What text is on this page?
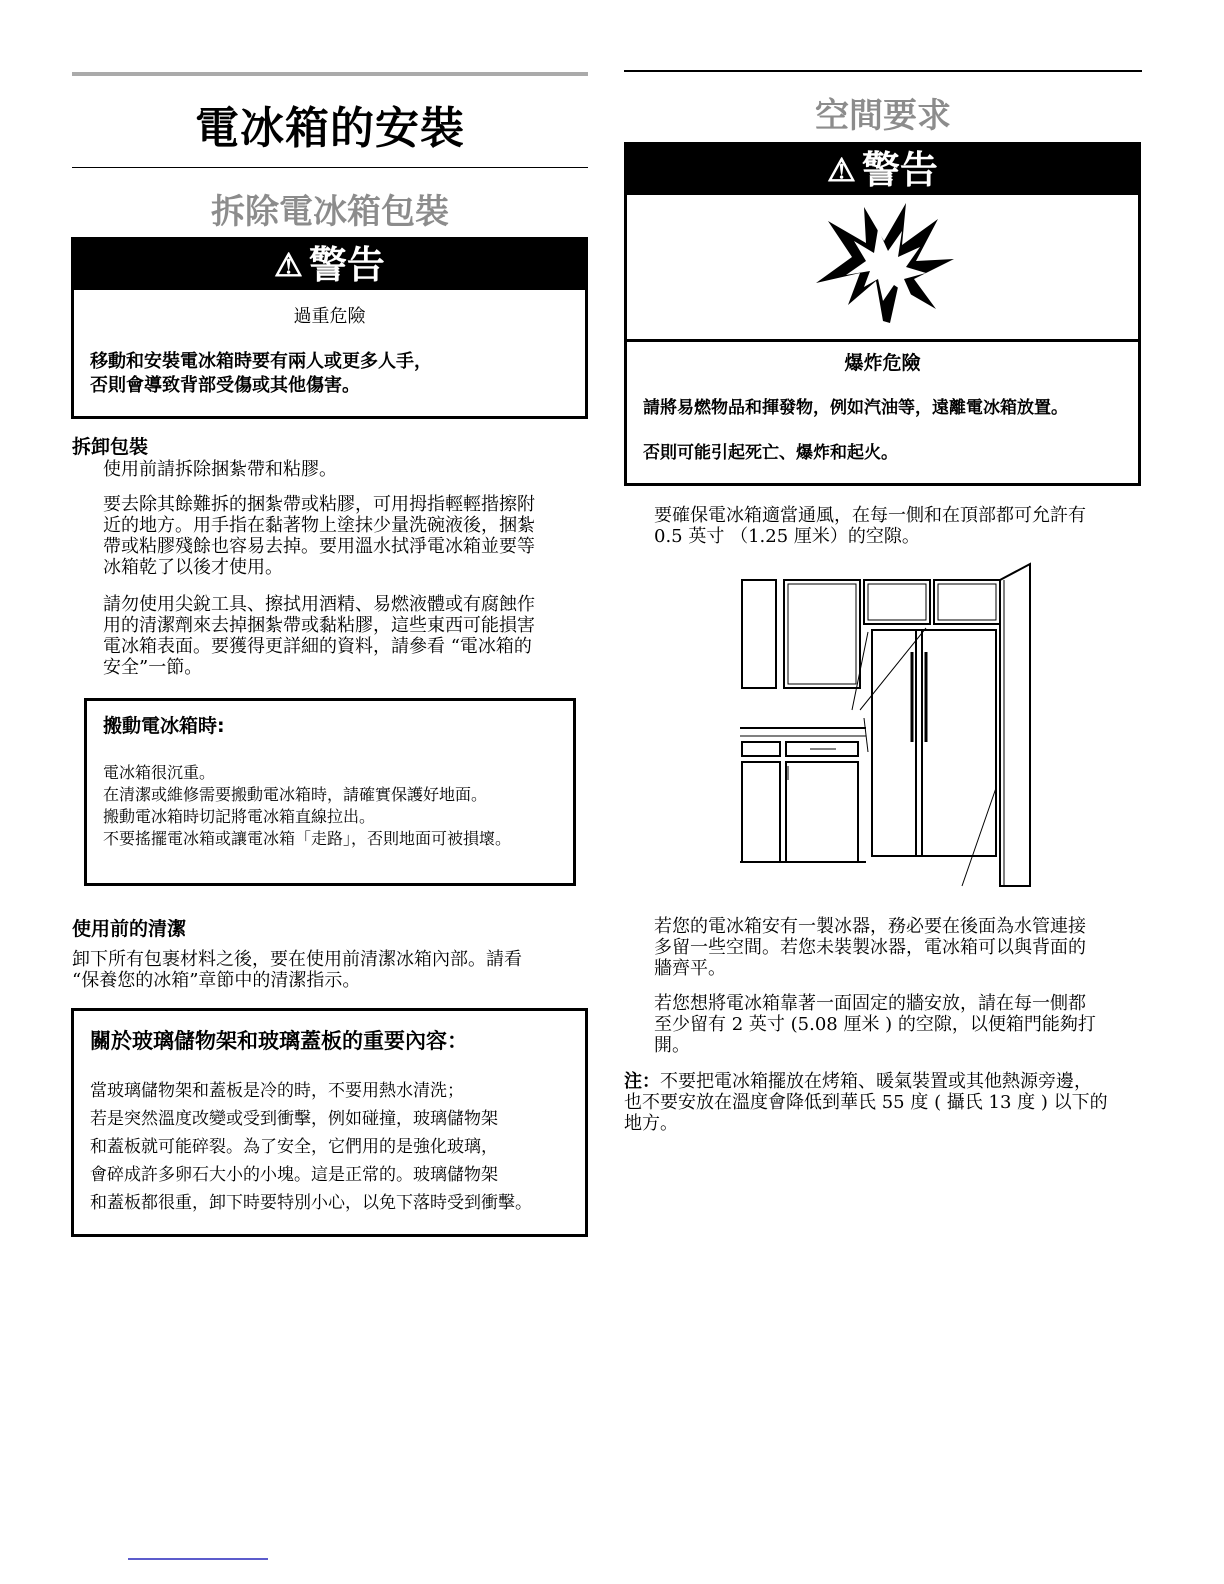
電冰箱的安裝
拆除電冰箱包裝
⚠ 警告

過重危險

移動和安裝電冰箱時要有兩人或更多人手，

否則會導致背部受傷或其他傷害。

拆卸包裝

使用前請拆除捆紮帶和粘膠。

要去除其餘難拆的捆紮帶或粘膠，可用拇指輕輕揩擦附

近的地方。用手指在黏著物上塗抹少量洗碗液後，捆紮

帶或粘膠殘餘也容易去掉。要用溫水拭淨電冰箱並要等

冰箱乾了以後才使用。

請勿使用尖銳工具、擦拭用酒精、易燃液體或有腐蝕作

用的清潔劑來去掉捆紮帶或黏粘膠，這些東西可能損害

電冰箱表面。要獲得更詳細的資料，請參看 “電冰箱的

安全”一節。

搬動電冰箱時:

電冰箱很沉重。
在清潔或維修需要搬動電冰箱時，請確實保護好地面。
搬動電冰箱時切記將電冰箱直線拉出。
不要搖擺電冰箱或讓電冰箱「走路」，否則地面可被損壞。
使用前的清潔

卸下所有包裹材料之後，要在使用前清潔冰箱內部。請看

“保養您的冰箱”章節中的清潔指示。

關於玻璃儲物架和玻璃蓋板的重要內容：

當玻璃儲物架和蓋板是冷的時，不要用熱水清洗；
若是突然溫度改變或受到衝擊，例如碰撞，玻璃儲物架
和蓋板就可能碎裂。為了安全，它們用的是強化玻璃，
會碎成許多卵石大小的小塊。這是正常的。玻璃儲物架
和蓋板都很重，卸下時要特別小心，以免下落時受到衝擊。
空間要求
⚠ 警告

爆炸危險

請將易燃物品和揮發物，例如汽油等，遠離電冰箱放置。

否則可能引起死亡、爆炸和起火。

要確保電冰箱適當通風，在每一側和在頂部都可允許有

0.5 英寸 （1.25 厘米）的空隙。

若您的電冰箱安有一製冰器，務必要在後面為水管連接

多留一些空間。若您未裝製冰器，電冰箱可以與背面的

牆齊平。

若您想將電冰箱靠著一面固定的牆安放，請在每一側都

至少留有 2 英寸 (5.08 厘米 ) 的空隙，以便箱門能夠打

開。

注：不要把電冰箱擺放在烤箱、暖氣裝置或其他熱源旁邊，

也不要安放在溫度會降低到華氏 55 度 ( 攝氏 13 度 ) 以下的

地方。
